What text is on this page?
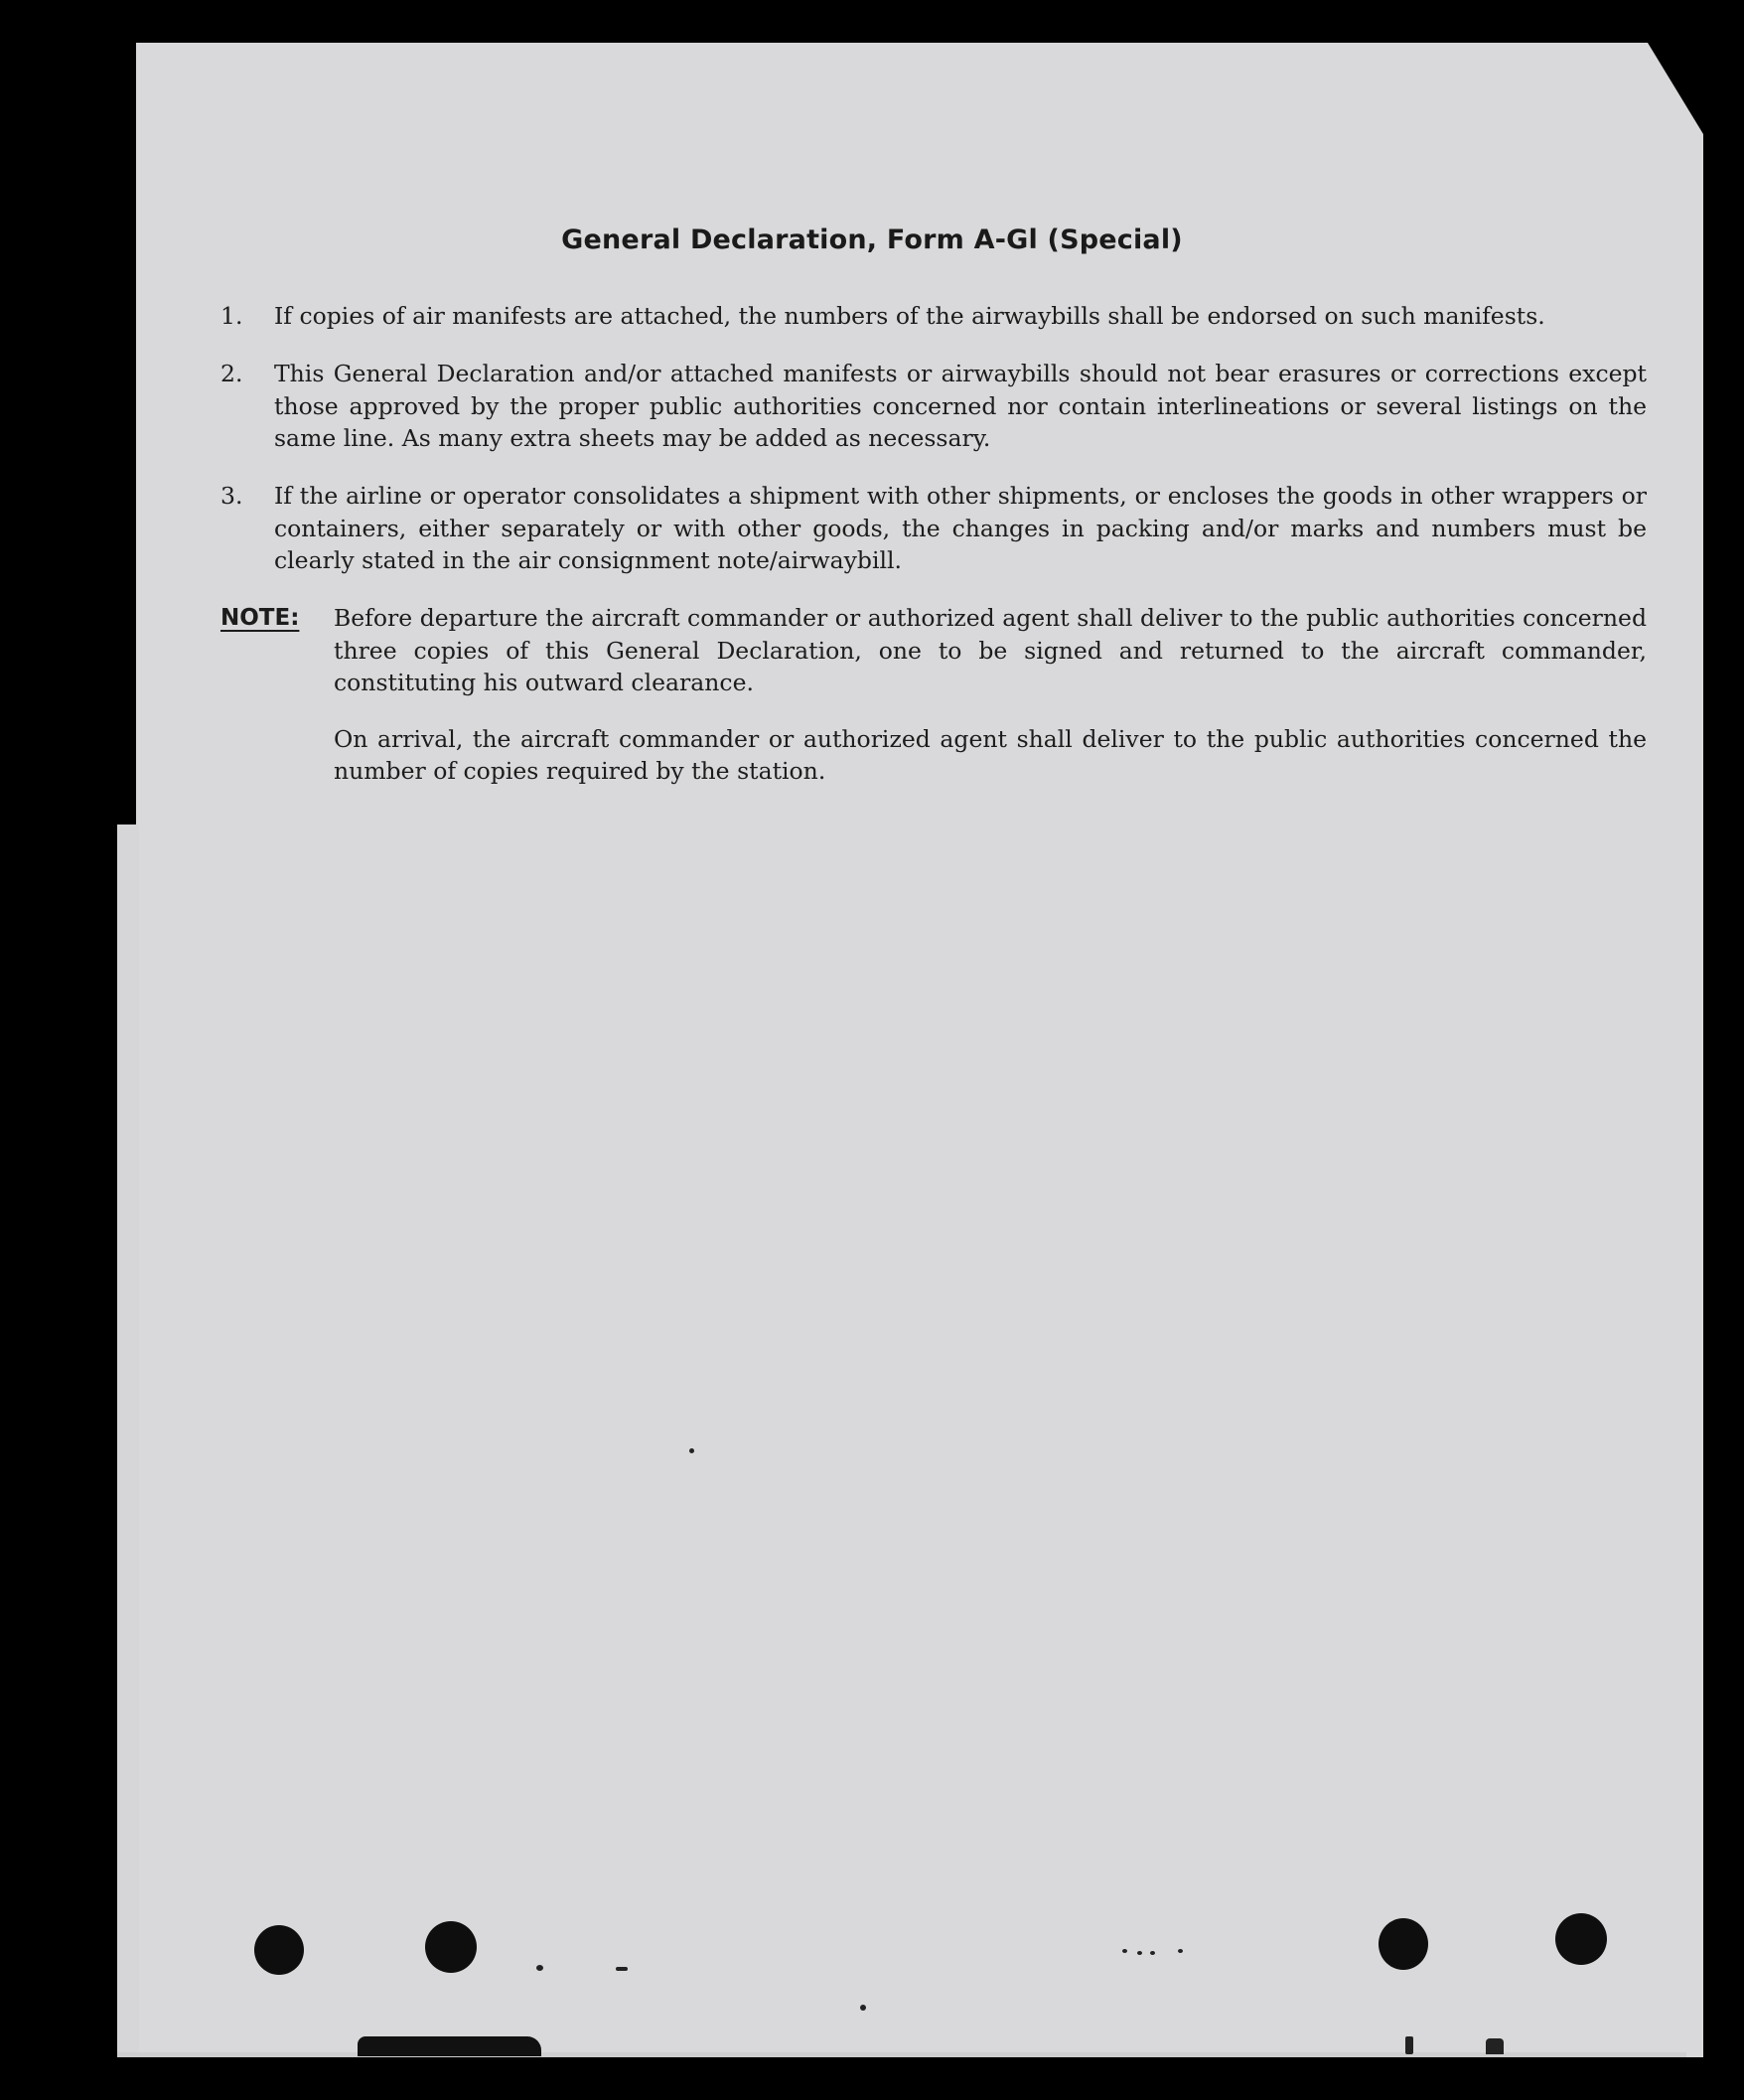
General Declaration, Form A-Gl (Special)
1.	If copies of air manifests are attached, the numbers of the airwaybills shall be endorsed on such manifests.
2.	This General Declaration and/or attached manifests or airwaybills should not bear erasures or corrections except those approved by the proper public authorities concerned nor contain interlineations or several listings on the same line. As many extra sheets may be added as necessary.
3.	If the airline or operator consolidates a shipment with other shipments, or encloses the goods in other wrappers or containers, either separately or with other goods, the changes in packing and/or marks and numbers must be clearly stated in the air consignment note/airwaybill.
NOTE: Before departure the aircraft commander or authorized agent shall deliver to the public authorities concerned three copies of this General Declaration, one to be signed and returned to the aircraft commander, constituting his outward clearance.
On arrival, the aircraft commander or authorized agent shall deliver to the public authorities concerned the number of copies required by the station.
